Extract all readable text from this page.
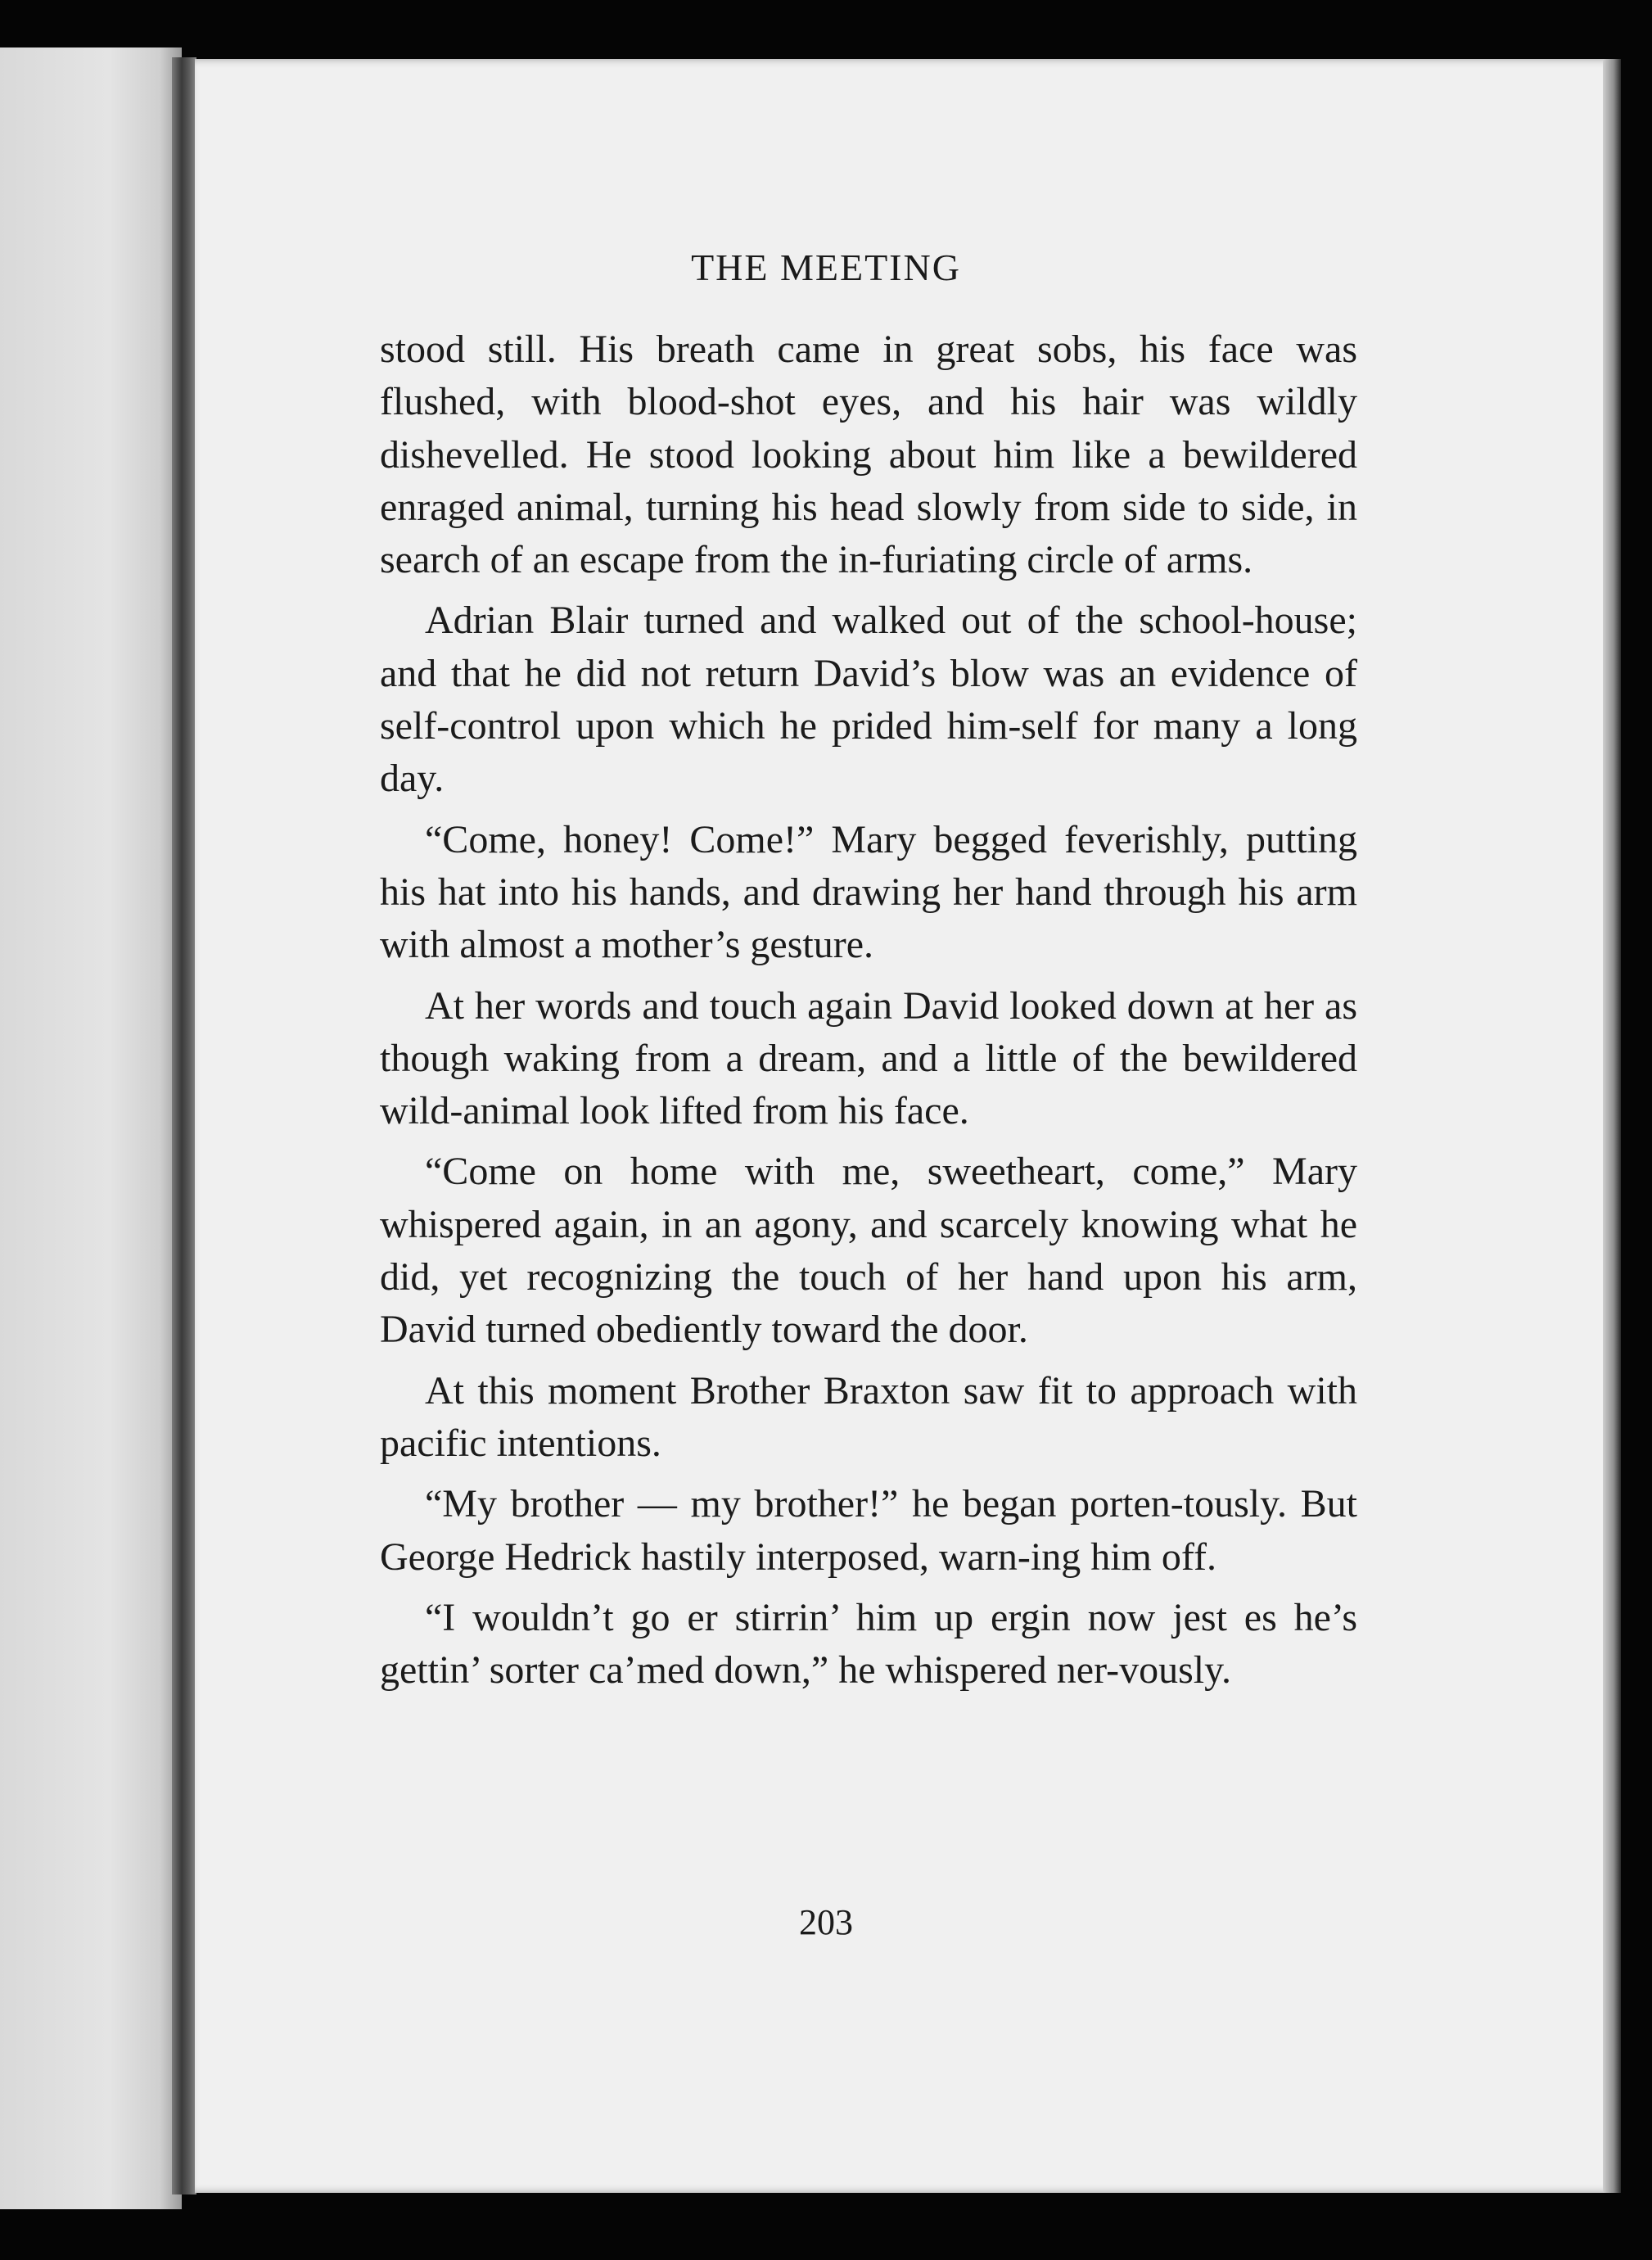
THE MEETING

stood still. His breath came in great sobs, his face was flushed, with blood-shot eyes, and his hair was wildly dishevelled. He stood looking about him like a bewildered enraged animal, turning his head slowly from side to side, in search of an escape from the in-furiating circle of arms.

Adrian Blair turned and walked out of the school-house; and that he did not return David’s blow was an evidence of self-control upon which he prided him-self for many a long day.

“Come, honey! Come!” Mary begged feverishly, putting his hat into his hands, and drawing her hand through his arm with almost a mother’s gesture.

At her words and touch again David looked down at her as though waking from a dream, and a little of the bewildered wild-animal look lifted from his face.

“Come on home with me, sweetheart, come,” Mary whispered again, in an agony, and scarcely knowing what he did, yet recognizing the touch of her hand upon his arm, David turned obediently toward the door.

At this moment Brother Braxton saw fit to approach with pacific intentions.

“My brother — my brother!” he began porten-tously. But George Hedrick hastily interposed, warn-ing him off.

“I wouldn’t go er stirrin’ him up ergin now jest es he’s gettin’ sorter ca’med down,” he whispered ner-vously.

203
